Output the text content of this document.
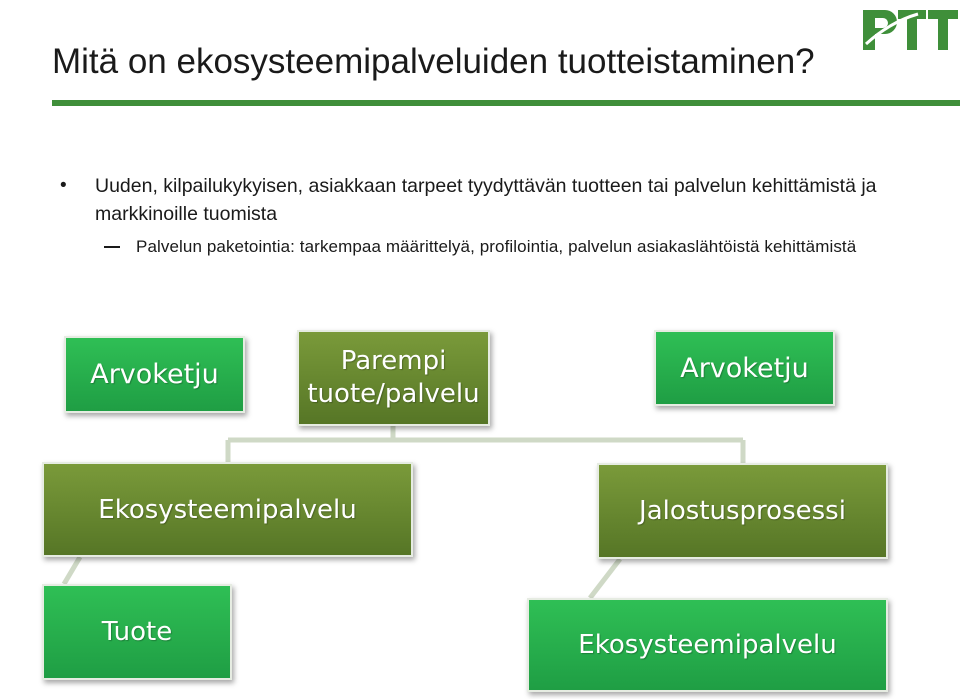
Mitä on ekosysteemipalveluiden tuotteistaminen?
• Uuden, kilpailukykyisen, asiakkaan tarpeet tyydyttävän tuotteen tai palvelun kehittämistä ja markkinoille tuomista
Palvelun paketointia: tarkempaa määrittelyä, profilointia, palvelun asiakaslähtöistä kehittämistä
Arvoketju	Parempi
tuote/palvelu
Arvoketju
Ekosysteemipalvelu	Jalostusprosessi
Tuote	Ekosysteemipalvelu
